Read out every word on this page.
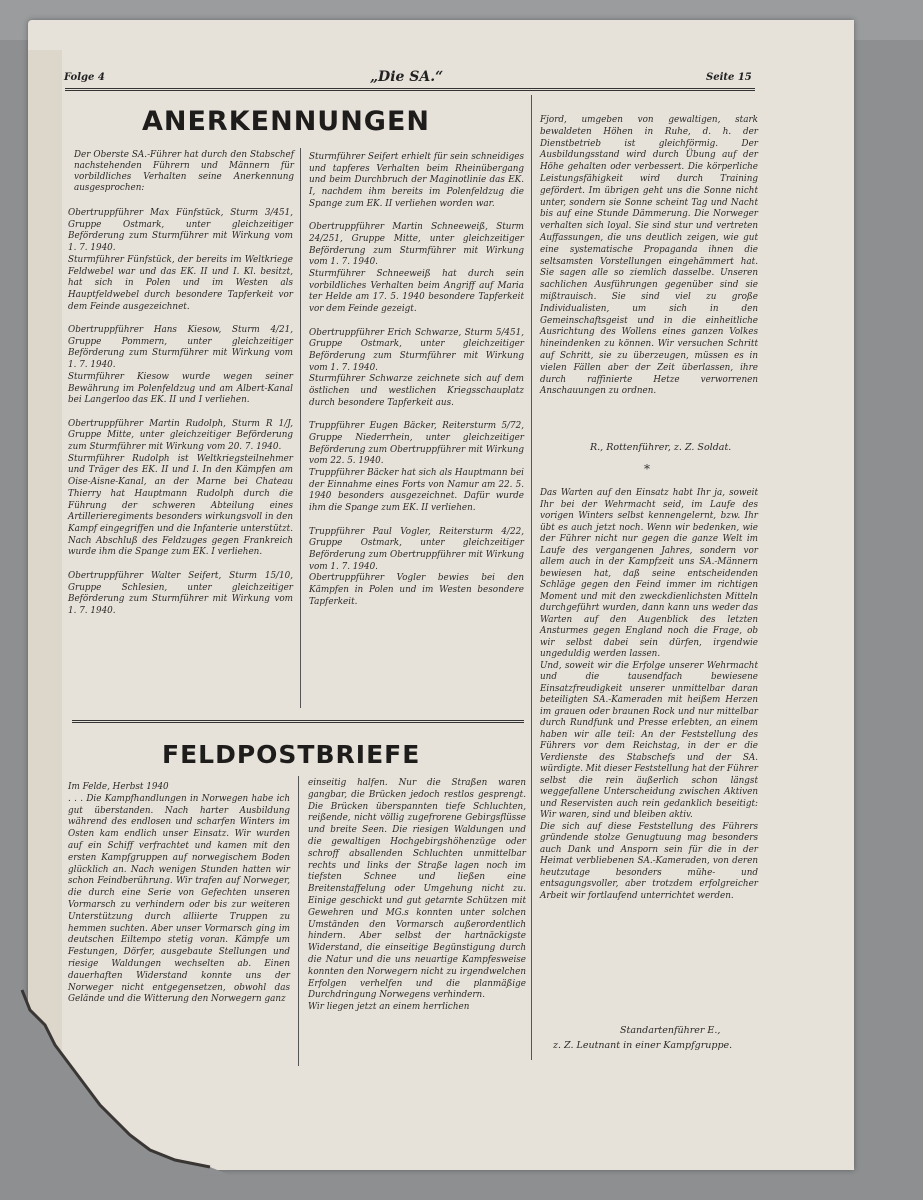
Folge 4	„Die SA.“	Seite 15
ANERKENNUNGEN
Der Oberste SA.-Führer hat durch den Stabschef nachstehenden Führern und Männern für vorbildliches Verhalten seine Anerkennung ausgesprochen:
Obertruppführer Max Fünfstück, Sturm 3/451, Gruppe Ostmark, unter gleichzeitiger Beförderung zum Sturmführer mit Wirkung vom 1. 7. 1940.
Sturmführer Fünfstück, der bereits im Weltkriege Feldwebel war und das EK. II und I. Kl. besitzt, hat sich in Polen und im Westen als Hauptfeldwebel durch besondere Tapferkeit vor dem Feinde ausgezeichnet.

Obertruppführer Hans Kiesow, Sturm 4/21, Gruppe Pommern, unter gleichzeitiger Beförderung zum Sturmführer mit Wirkung vom 1. 7. 1940.
Sturmführer Kiesow wurde wegen seiner Bewährung im Polenfeldzug und am Albert-Kanal bei Langerloo das EK. II und I verliehen.

Obertruppführer Martin Rudolph, Sturm R 1/J, Gruppe Mitte, unter gleichzeitiger Beförderung zum Sturmführer mit Wirkung vom 20. 7. 1940.
Sturmführer Rudolph ist Weltkriegsteilnehmer und Träger des EK. II und I. In den Kämpfen am Oise-Aisne-Kanal, an der Marne bei Chateau Thierry hat Hauptmann Rudolph durch die Führung der schweren Abteilung eines Artillerieregiments besonders wirkungsvoll in den Kampf eingegriffen und die Infanterie unterstützt. Nach Abschluß des Feldzuges gegen Frankreich wurde ihm die Spange zum EK. I verliehen.

Obertruppführer Walter Seifert, Sturm 15/10, Gruppe Schlesien, unter gleichzeitiger Beförderung zum Sturmführer mit Wirkung vom 1. 7. 1940.
Sturmführer Seifert erhielt für sein schneidiges und tapferes Verhalten beim Rheinübergang und beim Durchbruch der Maginotlinie das EK. I, nachdem ihm bereits im Polenfeldzug die Spange zum EK. II verliehen worden war.

Obertruppführer Martin Schneeweiß, Sturm 24/251, Gruppe Mitte, unter gleichzeitiger Beförderung zum Sturmführer mit Wirkung vom 1. 7. 1940.
Sturmführer Schneeweiß hat durch sein vorbildliches Verhalten beim Angriff auf Maria ter Helde am 17. 5. 1940 besondere Tapferkeit vor dem Feinde gezeigt.

Obertruppführer Erich Schwarze, Sturm 5/451, Gruppe Ostmark, unter gleichzeitiger Beförderung zum Sturmführer mit Wirkung vom 1. 7. 1940.
Sturmführer Schwarze zeichnete sich auf dem östlichen und westlichen Kriegsschauplatz durch besondere Tapferkeit aus.

Truppführer Eugen Bäcker, Reitersturm 5/72, Gruppe Niederrhein, unter gleichzeitiger Beförderung zum Obertruppführer mit Wirkung vom 22. 5. 1940.
Truppführer Bäcker hat sich als Hauptmann bei der Einnahme eines Forts von Namur am 22. 5. 1940 besonders ausgezeichnet. Dafür wurde ihm die Spange zum EK. II verliehen.

Truppführer Paul Vogler, Reitersturm 4/22, Gruppe Ostmark, unter gleichzeitiger Beförderung zum Obertruppführer mit Wirkung vom 1. 7. 1940.
Obertruppführer Vogler bewies bei den Kämpfen in Polen und im Westen besondere Tapferkeit.
Fjord, umgeben von gewaltigen, stark bewaldeten Höhen in Ruhe, d. h. der Dienstbetrieb ist gleichförmig. Der Ausbildungsstand wird durch Übung auf der Höhe gehalten oder verbessert. Die körperliche Leistungsfähigkeit wird durch Training gefördert. Im übrigen geht uns die Sonne nicht unter, sondern sie Sonne scheint Tag und Nacht bis auf eine Stunde Dämmerung. Die Norweger verhalten sich loyal. Sie sind stur und vertreten Auffassungen, die uns deutlich zeigen, wie gut eine systematische Propaganda ihnen die seltsamsten Vorstellungen eingehämmert hat. Sie sagen alle so ziemlich dasselbe. Unseren sachlichen Ausführungen gegenüber sind sie mißtrauisch. Sie sind viel zu große Individualisten, um sich in den Gemeinschaftsgeist und in die einheitliche Ausrichtung des Wollens eines ganzen Volkes hineindenken zu können. Wir versuchen Schritt auf Schritt, sie zu überzeugen, müssen es in vielen Fällen aber der Zeit überlassen, ihre durch raffinierte Hetze verworrenen Anschauungen zu ordnen.
R., Rottenführer, z. Z. Soldat.
*
Das Warten auf den Einsatz habt Ihr ja, soweit Ihr bei der Wehrmacht seid, im Laufe des vorigen Winters selbst kennengelernt, bzw. Ihr übt es auch jetzt noch. Wenn wir bedenken, wie der Führer nicht nur gegen die ganze Welt im Laufe des vergangenen Jahres, sondern vor allem auch in der Kampfzeit uns SA.-Männern bewiesen hat, daß seine entscheidenden Schläge gegen den Feind immer im richtigen Moment und mit den zweckdienlichsten Mitteln durchgeführt wurden, dann kann uns weder das Warten auf den Augenblick des letzten Ansturmes gegen England noch die Frage, ob wir selbst dabei sein dürfen, irgendwie ungeduldig werden lassen.
Und, soweit wir die Erfolge unserer Wehrmacht und die tausendfach bewiesene Einsatzfreudigkeit unserer unmittelbar daran beteiligten SA.-Kameraden mit heißem Herzen im grauen oder braunen Rock und nur mittelbar durch Rundfunk und Presse erlebten, an einem haben wir alle teil: An der Feststellung des Führers vor dem Reichstag, in der er die Verdienste des Stabschefs und der SA. würdigte. Mit dieser Feststellung hat der Führer selbst die rein äußerlich schon längst weggefallene Unterscheidung zwischen Aktiven und Reservisten auch rein gedanklich beseitigt: Wir waren, sind und bleiben aktiv.
Die sich auf diese Feststellung des Führers gründende stolze Genugtuung mag besonders auch Dank und Ansporn sein für die in der Heimat verbliebenen SA.-Kameraden, von deren heutzutage besonders mühe- und entsagungsvoller, aber trotzdem erfolgreicher Arbeit wir fortlaufend unterrichtet werden.
Standartenführer E.,
z. Z. Leutnant in einer Kampfgruppe.
FELDPOSTBRIEFE
Im Felde, Herbst 1940
. . . Die Kampfhandlungen in Norwegen habe ich gut überstanden. Nach harter Ausbildung während des endlosen und scharfen Winters im Osten kam endlich unser Einsatz. Wir wurden auf ein Schiff verfrachtet und kamen mit den ersten Kampfgruppen auf norwegischem Boden glücklich an. Nach wenigen Stunden hatten wir schon Feindberührung. Wir trafen auf Norweger, die durch eine Serie von Gefechten unseren Vormarsch zu verhindern oder bis zur weiteren Unterstützung durch alliierte Truppen zu hemmen suchten. Aber unser Vormarsch ging im deutschen Eiltempo stetig voran. Kämpfe um Festungen, Dörfer, ausgebaute Stellungen und riesige Waldungen wechselten ab. Einen dauerhaften Widerstand konnte uns der Norweger nicht entgegensetzen, obwohl das Gelände und die Witterung den Norwegern ganz
einseitig halfen. Nur die Straßen waren gangbar, die Brücken jedoch restlos gesprengt. Die Brücken überspannten tiefe Schluchten, reißende, nicht völlig zugefrorene Gebirgsflüsse und breite Seen. Die riesigen Waldungen und die gewaltigen Hochgebirgshöhenzüge oder schroff absallenden Schluchten unmittelbar rechts und links der Straße lagen noch im tiefsten Schnee und ließen eine Breitenstaffelung oder Umgehung nicht zu. Einige geschickt und gut getarnte Schützen mit Gewehren und MG.s konnten unter solchen Umständen den Vormarsch außerordentlich hindern. Aber selbst der hartnäckigste Widerstand, die einseitige Begünstigung durch die Natur und die uns neuartige Kampfesweise konnten den Norwegern nicht zu irgendwelchen Erfolgen verhelfen und die planmäßige Durchdringung Norwegens verhindern.
Wir liegen jetzt an einem herrlichen
